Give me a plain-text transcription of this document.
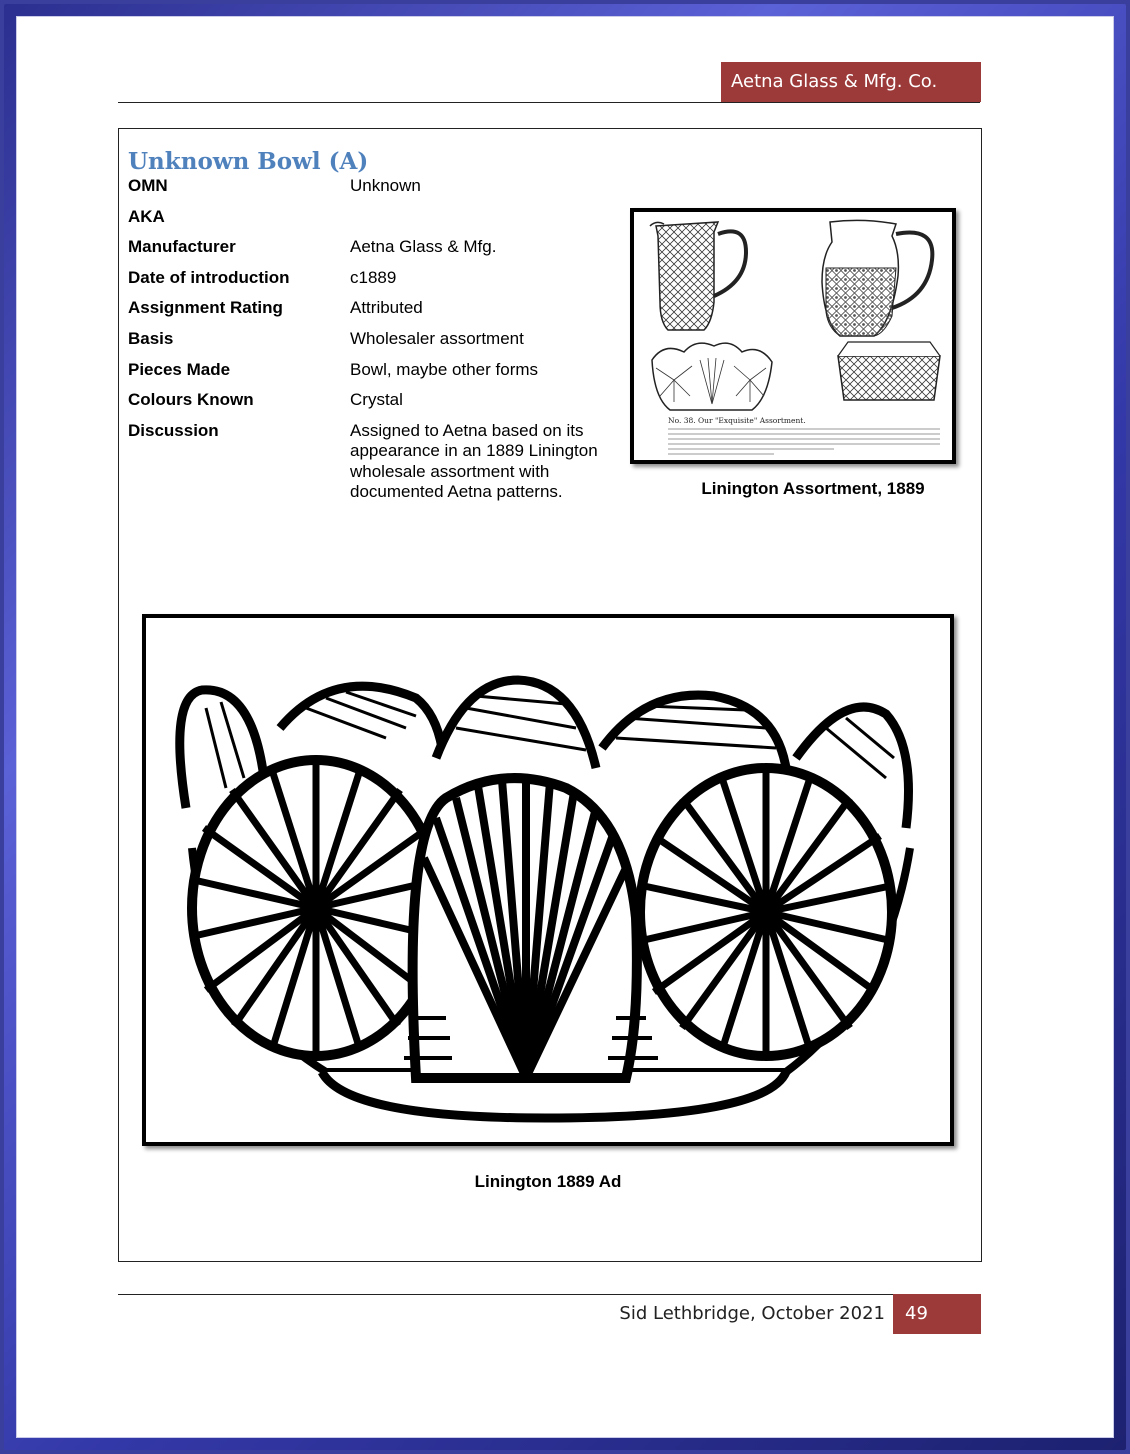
Aetna Glass & Mfg. Co.
Unknown Bowl (A)
OMN	Unknown
AKA
Manufacturer	Aetna Glass & Mfg.
Date of introduction	c1889
Assignment Rating	Attributed
Basis	Wholesaler assortment
Pieces Made	Bowl, maybe other forms
Colours Known	Crystal
Discussion	Assigned to Aetna based on its appearance in an 1889 Linington wholesale assortment with documented Aetna patterns.
No. 38. Our "Exquisite" Assortment.
Linington Assortment, 1889
Linington 1889 Ad
Sid Lethbridge, October 2021	49
